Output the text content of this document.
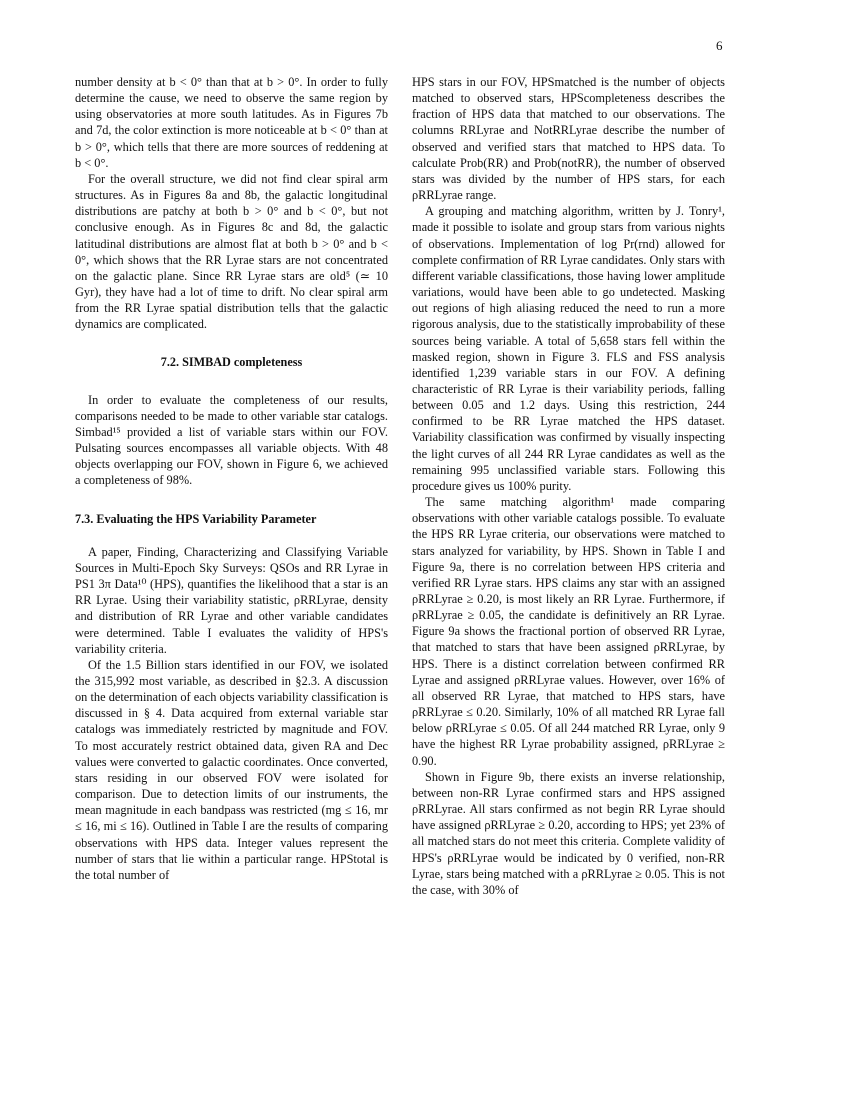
6

number density at b < 0° than that at b > 0°. In order to fully determine the cause, we need to observe the same region by using observatories at more south latitudes. As in Figures 7b and 7d, the color extinction is more noticeable at b < 0° than at b > 0°, which tells that there are more sources of reddening at b < 0°.

For the overall structure, we did not find clear spiral arm structures. As in Figures 8a and 8b, the galactic longitudinal distributions are patchy at both b > 0° and b < 0°, but not conclusive enough. As in Figures 8c and 8d, the galactic latitudinal distributions are almost flat at both b > 0° and b < 0°, which shows that the RR Lyrae stars are not concentrated on the galactic plane. Since RR Lyrae stars are old⁵ (≃ 10 Gyr), they have had a lot of time to drift. No clear spiral arm from the RR Lyrae spatial distribution tells that the galactic dynamics are complicated.

7.2. SIMBAD completeness

In order to evaluate the completeness of our results, comparisons needed to be made to other variable star catalogs. Simbad¹⁵ provided a list of variable stars within our FOV. Pulsating sources encompasses all variable objects. With 48 objects overlapping our FOV, shown in Figure 6, we achieved a completeness of 98%.

7.3. Evaluating the HPS Variability Parameter

A paper, Finding, Characterizing and Classifying Variable Sources in Multi-Epoch Sky Surveys: QSOs and RR Lyrae in PS1 3π Data¹⁰ (HPS), quantifies the likelihood that a star is an RR Lyrae. Using their variability statistic, ρRRLyrae, density and distribution of RR Lyrae and other variable candidates were determined. Table I evaluates the validity of HPS's variability criteria.

Of the 1.5 Billion stars identified in our FOV, we isolated the 315,992 most variable, as described in §2.3. A discussion on the determination of each objects variability classification is discussed in § 4. Data acquired from external variable star catalogs was immediately restricted by magnitude and FOV. To most accurately restrict obtained data, given RA and Dec values were converted to galactic coordinates. Once converted, stars residing in our observed FOV were isolated for comparison. Due to detection limits of our instruments, the mean magnitude in each bandpass was restricted (mg ≤ 16, mr ≤ 16, mi ≤ 16). Outlined in Table I are the results of comparing observations with HPS data. Integer values represent the number of stars that lie within a particular range. HPStotal is the total number of

HPS stars in our FOV, HPSmatched is the number of objects matched to observed stars, HPScompleteness describes the fraction of HPS data that matched to our observations. The columns RRLyrae and NotRRLyrae describe the number of observed and verified stars that matched to HPS data. To calculate Prob(RR) and Prob(notRR), the number of observed stars was divided by the number of HPS stars, for each ρRRLyrae range.

A grouping and matching algorithm, written by J. Tonry¹, made it possible to isolate and group stars from various nights of observations. Implementation of log Pr(rnd) allowed for complete confirmation of RR Lyrae candidates. Only stars with different variable classifications, those having lower amplitude variations, would have been able to go undetected. Masking out regions of high aliasing reduced the need to run a more rigorous analysis, due to the statistically improbability of these sources being variable. A total of 5,658 stars fell within the masked region, shown in Figure 3. FLS and FSS analysis identified 1,239 variable stars in our FOV. A defining characteristic of RR Lyrae is their variability periods, falling between 0.05 and 1.2 days. Using this restriction, 244 confirmed to be RR Lyrae matched the HPS dataset. Variability classification was confirmed by visually inspecting the light curves of all 244 RR Lyrae candidates as well as the remaining 995 unclassified variable stars. Following this procedure gives us 100% purity.

The same matching algorithm¹ made comparing observations with other variable catalogs possible. To evaluate the HPS RR Lyrae criteria, our observations were matched to stars analyzed for variability, by HPS. Shown in Table I and Figure 9a, there is no correlation between HPS criteria and verified RR Lyrae stars. HPS claims any star with an assigned ρRRLyrae ≥ 0.20, is most likely an RR Lyrae. Furthermore, if ρRRLyrae ≥ 0.05, the candidate is definitively an RR Lyrae. Figure 9a shows the fractional portion of observed RR Lyrae, that matched to stars that have been assigned ρRRLyrae, by HPS. There is a distinct correlation between confirmed RR Lyrae and assigned ρRRLyrae values. However, over 16% of all observed RR Lyrae, that matched to HPS stars, have ρRRLyrae ≤ 0.20. Similarly, 10% of all matched RR Lyrae fall below ρRRLyrae ≤ 0.05. Of all 244 matched RR Lyrae, only 9 have the highest RR Lyrae probability assigned, ρRRLyrae ≥ 0.90.

Shown in Figure 9b, there exists an inverse relationship, between non-RR Lyrae confirmed stars and HPS assigned ρRRLyrae. All stars confirmed as not begin RR Lyrae should have assigned ρRRLyrae ≥ 0.20, according to HPS; yet 23% of all matched stars do not meet this criteria. Complete validity of HPS's ρRRLyrae would be indicated by 0 verified, non-RR Lyrae, stars being matched with a ρRRLyrae ≥ 0.05. This is not the case, with 30% of
